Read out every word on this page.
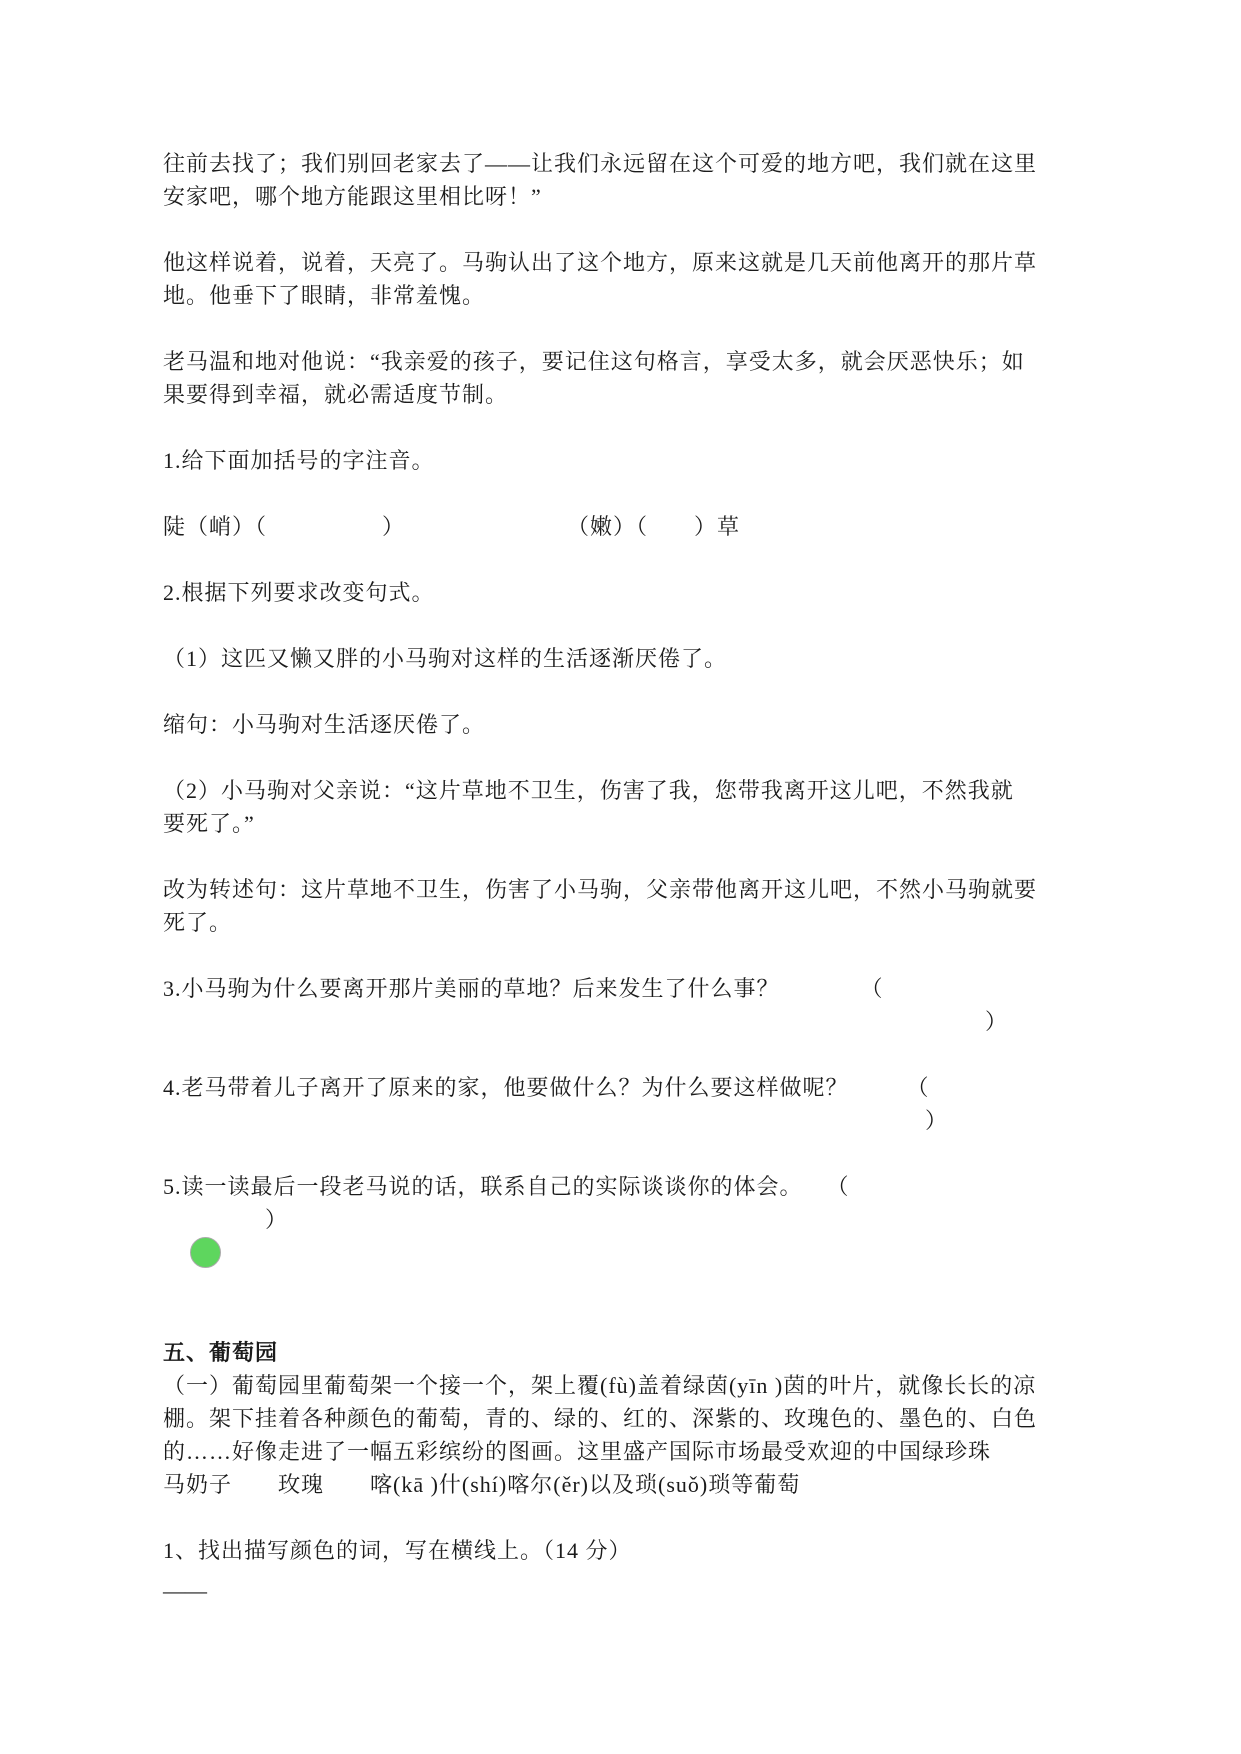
往前去找了；我们别回老家去了——让我们永远留在这个可爱的地方吧，我们就在这里
安家吧，哪个地方能跟这里相比呀！”
他这样说着，说着，天亮了。马驹认出了这个地方，原来这就是几天前他离开的那片草
地。他垂下了眼睛，非常羞愧。
老马温和地对他说：“我亲爱的孩子，要记住这句格言，享受太多，就会厌恶快乐；如
果要得到幸福，就必需适度节制。
1.给下面加括号的字注音。
陡（峭）（　　　　　）　　　　　　　　（嫩）（　　）草
2.根据下列要求改变句式。
（1）这匹又懒又胖的小马驹对这样的生活逐渐厌倦了。
缩句：小马驹对生活逐厌倦了。
（2）小马驹对父亲说：“这片草地不卫生，伤害了我，您带我离开这儿吧，不然我就
要死了。”
改为转述句：这片草地不卫生，伤害了小马驹，父亲带他离开这儿吧，不然小马驹就要
死了。
3.小马驹为什么要离开那片美丽的草地？后来发生了什么事？　　　　（
）
4.老马带着儿子离开了原来的家，他要做什么？为什么要这样做呢？　　　（
）
5.读一读最后一段老马说的话，联系自己的实际谈谈你的体会。　　（
）
五、葡萄园
（一）葡萄园里葡萄架一个接一个，架上覆(fù)盖着绿茵(yīn )茵的叶片，就像长长的凉
棚。架下挂着各种颜色的葡萄，青的、绿的、红的、深紫的、玫瑰色的、墨色的、白色
的……好像走进了一幅五彩缤纷的图画。这里盛产国际市场最受欢迎的中国绿珍珠
马奶子　　玫瑰　　喀(kā )什(shí)喀尔(ěr)以及琐(suǒ)琐等葡萄
1、找出描写颜色的词，写在横线上。（14 分）
——
